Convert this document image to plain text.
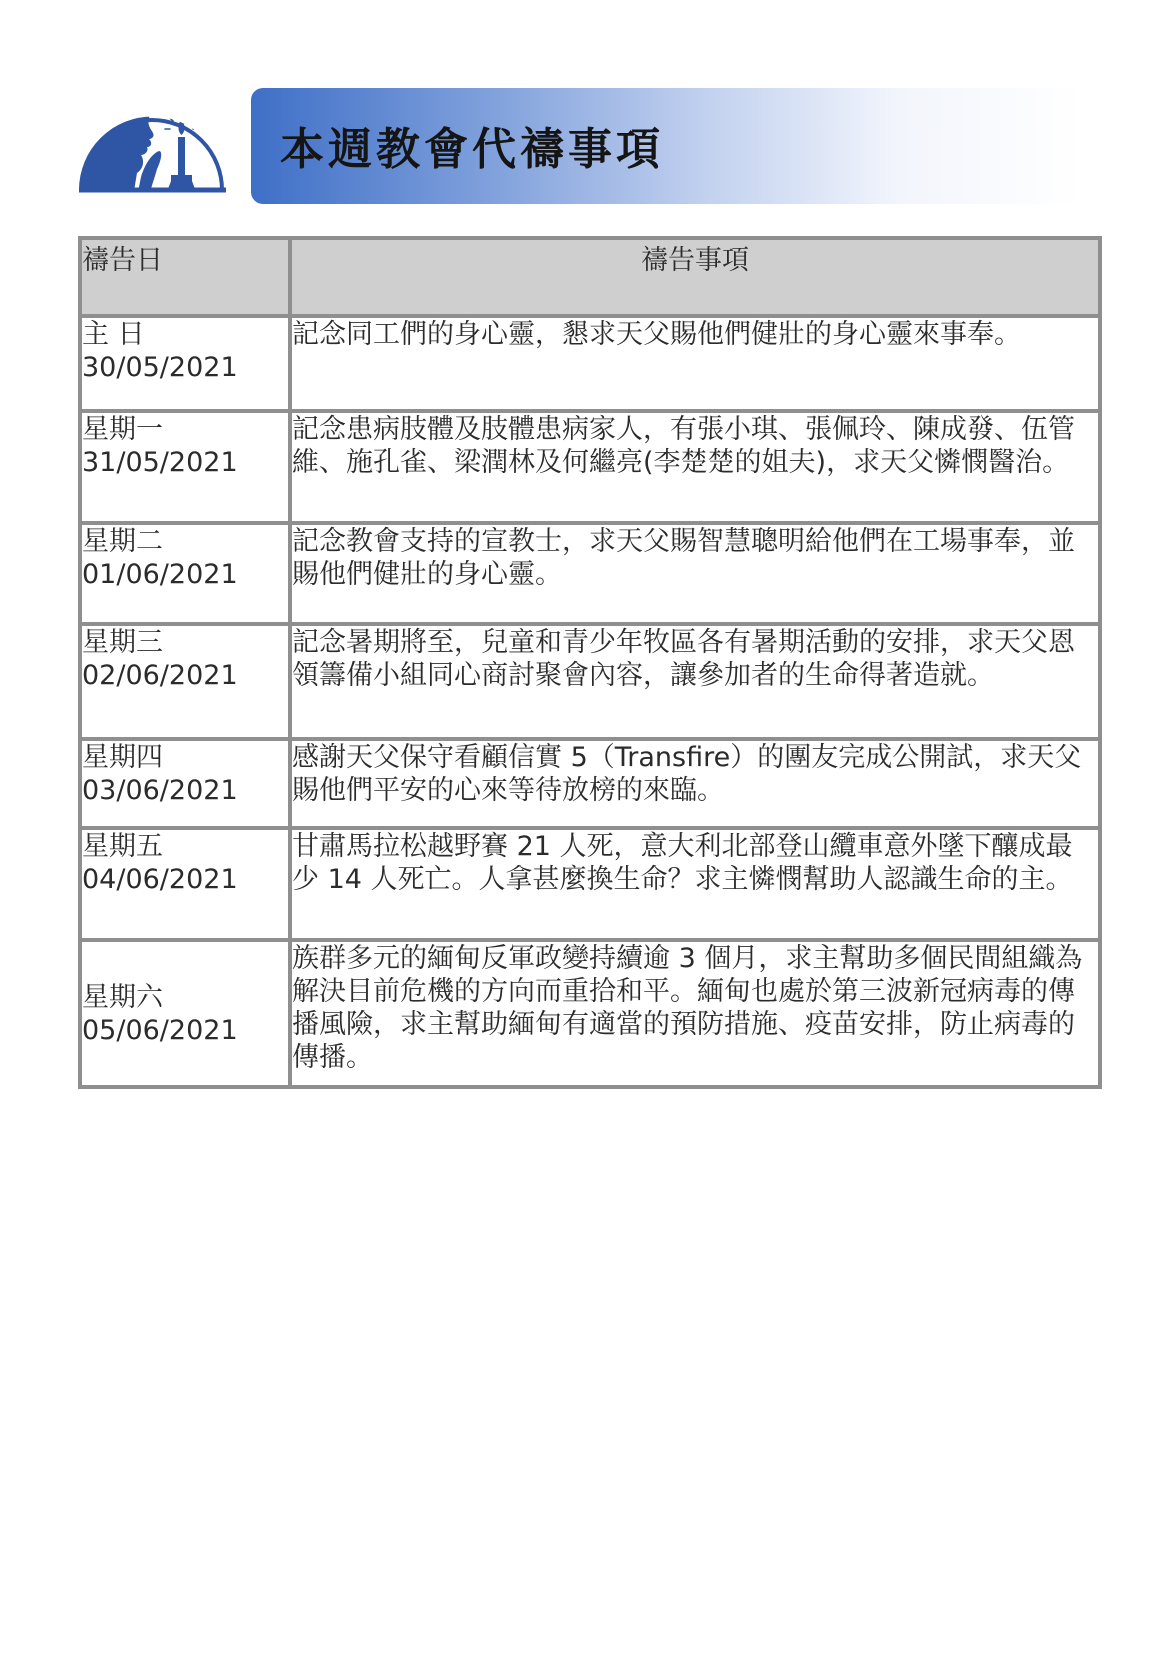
本週教會代禱事項
禱告日	禱告事項

主 日
30/05/2021	記念同工們的身心靈，懇求天父賜他們健壯的身心靈來事奉。

星期一
31/05/2021	記念患病肢體及肢體患病家人，有張小琪、張佩玲、陳成發、伍管維、施孔雀、梁潤林及何繼亮(李楚楚的姐夫)，求天父憐憫醫治。

星期二
01/06/2021	記念教會支持的宣教士，求天父賜智慧聰明給他們在工場事奉，並賜他們健壯的身心靈。

星期三
02/06/2021	記念暑期將至，兒童和青少年牧區各有暑期活動的安排，求天父恩領籌備小組同心商討聚會內容，讓參加者的生命得著造就。

星期四
03/06/2021	感謝天父保守看顧信實 5（Transfire）的團友完成公開試，求天父賜他們平安的心來等待放榜的來臨。

星期五
04/06/2021	甘肅馬拉松越野賽 21 人死，意大利北部登山纜車意外墜下釀成最少 14 人死亡。人拿甚麼換生命？求主憐憫幫助人認識生命的主。

星期六
05/06/2021	族群多元的緬甸反軍政變持續逾 3 個月，求主幫助多個民間組織為解決目前危機的方向而重拾和平。緬甸也處於第三波新冠病毒的傳播風險，求主幫助緬甸有適當的預防措施、疫苗安排，防止病毒的傳播。
